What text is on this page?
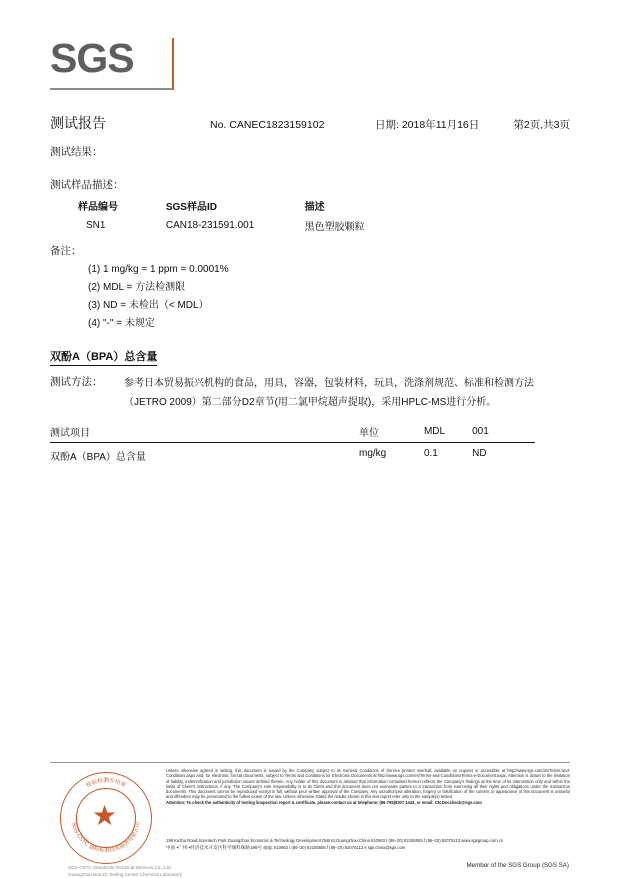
SGS
测试报告	No. CANEC1823159102	日期: 2018年11月16日	第2页,共3页
测试结果：
测试样品描述：
样品编号	SGS样品ID	描述
SN1	CAN18-231591.001	黑色塑胶颗粒
备注：
(1) 1 mg/kg = 1 ppm = 0.0001%
(2) MDL = 方法检测限
(3) ND = 未检出（< MDL）
(4) "-" = 未规定
双酚A（BPA）总含量
测试方法： 参考日本贸易振兴机构的食品，用具，容器，包装材料，玩具，洗涤剂规范、标准和检测方法（JETRO 2009）第二部分D2章节(用二氯甲烷超声提取)，采用HPLC-MS进行分析。
测试项目	单位	MDL	001
双酚A（BPA）总含量	mg/kg	0.1	ND
★
检验检测专用章
SGS-CSTC 通标标准技术服务有限公司
SGS-CSTC Standards Technical Services Co., Ltd.
Guangzhou Branch Testing Center Chemical Laboratory
Unless otherwise agreed in writing, this document is issued by the Company subject to its General Conditions of Service printed overleaf, available on request or accessible at http://www.sgs.com/en/Terms-and-Conditions.aspx and, for electronic format documents, subject to Terms and Conditions for Electronic Documents at http://www.sgs.com/en/Terms-and-Conditions/Terms-e-Document.aspx. Attention is drawn to the limitation of liability, indemnification and jurisdiction issues defined therein. Any holder of this document is advised that information contained hereon reflects the Company's findings at the time of its intervention only and within the limits of Client's instructions, if any. The Company's sole responsibility is to its Client and this document does not exonerate parties to a transaction from exercising all their rights and obligations under the transaction documents. This document cannot be reproduced except in full, without prior written approval of the Company. Any unauthorized alteration, forgery or falsification of the content or appearance of this document is unlawful and offenders may be prosecuted to the fullest extent of the law. Unless otherwise stated the results shown in this test report refer only to the sample(s) tested.
Attention: To check the authenticity of testing /inspection report & certificate, please contact us at telephone: (86-755)8307 1443, or email: CN.Doccheck@sgs.com
198 Kezhu Road,Scientech Park Guangzhou Economic & Technology Development District,Guangzhou,China 510663 t (86–20) 82155555 f (86–20) 82075113 www.sgsgroup.com.cn
中国 •广州 •经济技术开发区科学城科珠路198号 邮编: 510663 t (86–20) 82155555 f (86–20) 82075113 e sgs.china@sgs.com
Member of the SGS Group (SGS SA)
